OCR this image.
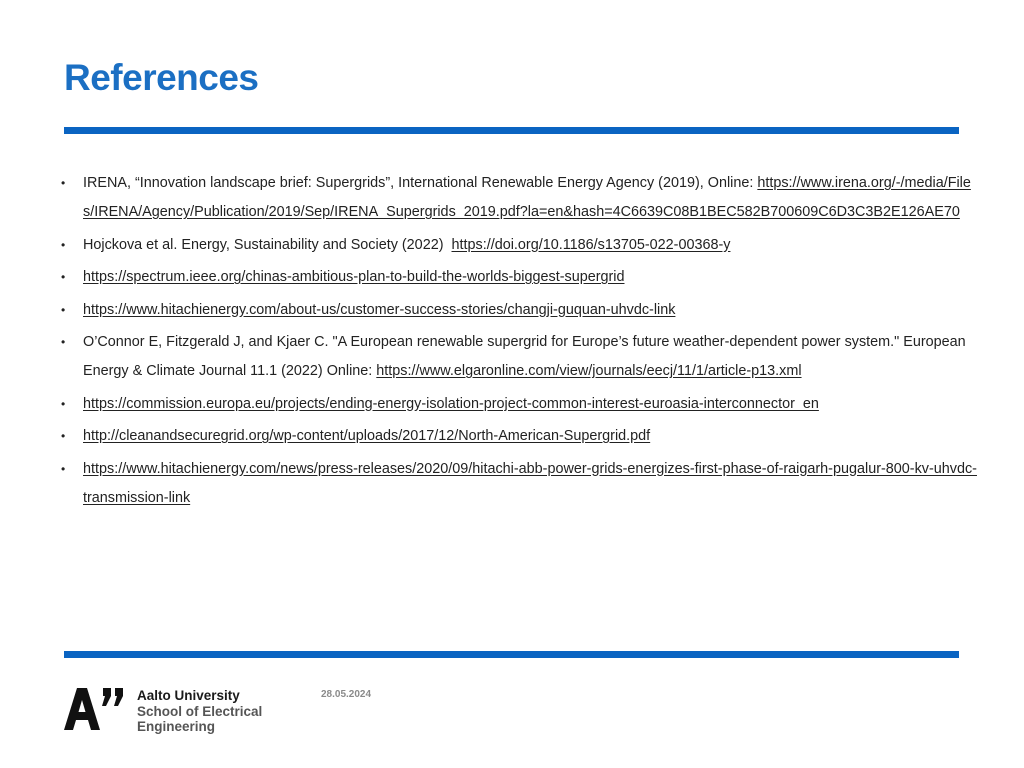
References
• IRENA, “Innovation landscape brief: Supergrids”, International Renewable Energy Agency (2019), Online: https://www.irena.org/-/media/Files/IRENA/Agency/Publication/2019/Sep/IRENA_Supergrids_2019.pdf?la=en&hash=4C6639C08B1BEC582B700609C6D3C3B2E126AE70
• Hojckova et al. Energy, Sustainability and Society (2022)  https://doi.org/10.1186/s13705-022-00368-y
• https://spectrum.ieee.org/chinas-ambitious-plan-to-build-the-worlds-biggest-supergrid
• https://www.hitachienergy.com/about-us/customer-success-stories/changji-guquan-uhvdc-link
• O’Connor E, Fitzgerald J, and Kjaer C. "A European renewable supergrid for Europe’s future weather-dependent power system." European Energy & Climate Journal 11.1 (2022) Online: https://www.elgaronline.com/view/journals/eecj/11/1/article-p13.xml
• https://commission.europa.eu/projects/ending-energy-isolation-project-common-interest-euroasia-interconnector_en
• http://cleanandsecuregrid.org/wp-content/uploads/2017/12/North-American-Supergrid.pdf
• https://www.hitachienergy.com/news/press-releases/2020/09/hitachi-abb-power-grids-energizes-first-phase-of-raigarh-pugalur-800-kv-uhvdc-transmission-link
Aalto University
School of Electrical
Engineering
28.05.2024
